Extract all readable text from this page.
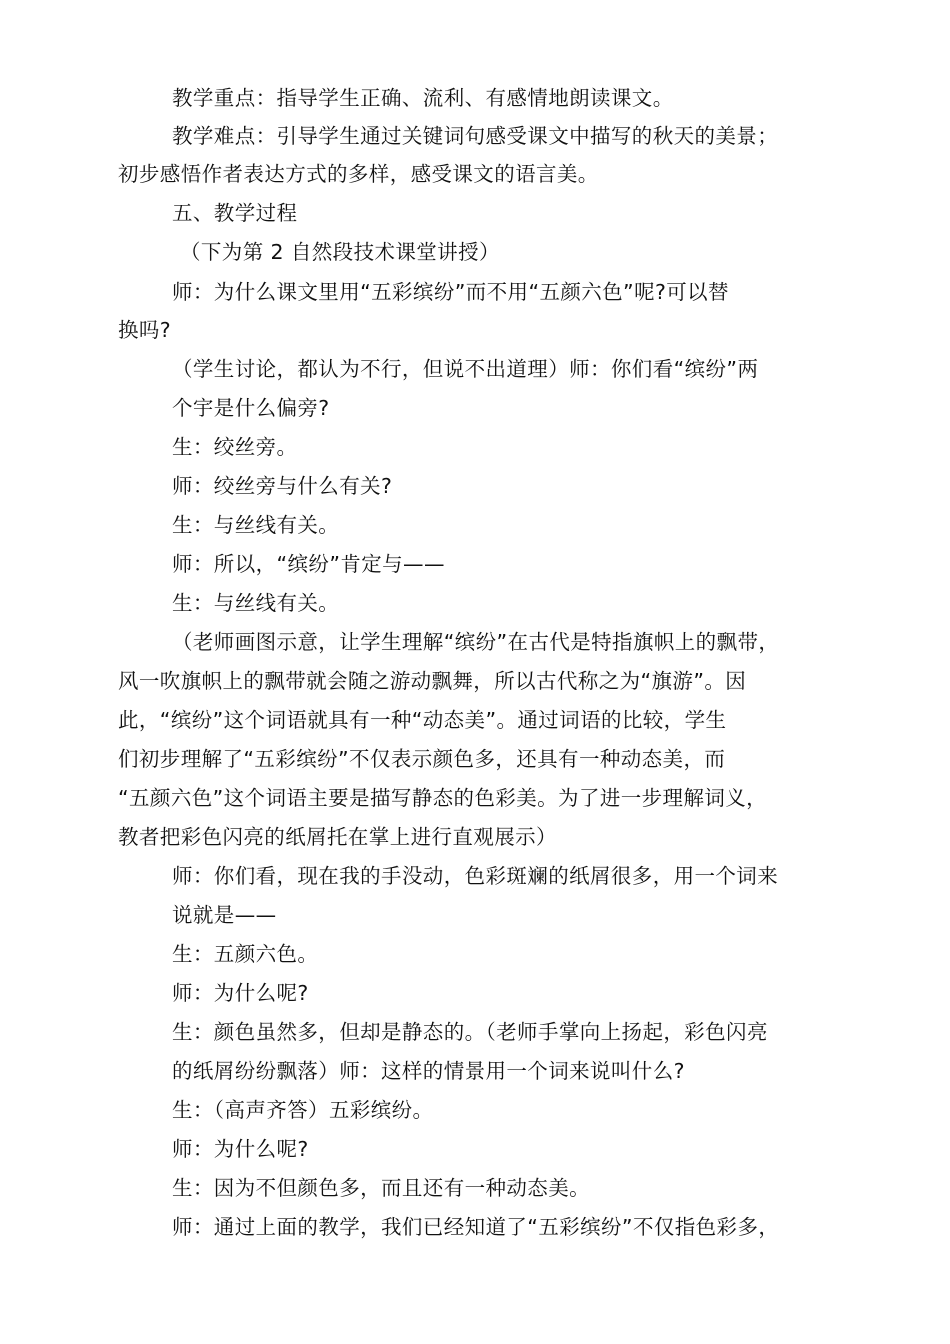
教学重点：指导学生正确、流利、有感情地朗读课文。
教学难点：引导学生通过关键词句感受课文中描写的秋天的美景；
初步感悟作者表达方式的多样，感受课文的语言美。
五、教学过程
（下为第 2 自然段技术课堂讲授）
师：为什么课文里用“五彩缤纷”而不用“五颜六色”呢?可以替
换吗?
（学生讨论，都认为不行，但说不出道理）师：你们看“缤纷”两
个宇是什么偏旁?
生：绞丝旁。
师：绞丝旁与什么有关?
生：与丝线有关。
师：所以，“缤纷”肯定与——
生：与丝线有关。
（老师画图示意，让学生理解“缤纷”在古代是特指旗帜上的飘带，
风一吹旗帜上的飘带就会随之游动飘舞，所以古代称之为“旗游”。因
此，“缤纷”这个词语就具有一种“动态美”。通过词语的比较，学生
们初步理解了“五彩缤纷”不仅表示颜色多，还具有一种动态美，而
“五颜六色”这个词语主要是描写静态的色彩美。为了进一步理解词义，
教者把彩色闪亮的纸屑托在掌上进行直观展示）
师：你们看，现在我的手没动，色彩斑斓的纸屑很多，用一个词来
说就是——
生：五颜六色。
师：为什么呢?
生：颜色虽然多，但却是静态的。（老师手掌向上扬起，彩色闪亮
的纸屑纷纷飘落）师：这样的情景用一个词来说叫什么?
生：（高声齐答）五彩缤纷。
师：为什么呢?
生：因为不但颜色多，而且还有一种动态美。
师：通过上面的教学，我们已经知道了“五彩缤纷”不仅指色彩多，
